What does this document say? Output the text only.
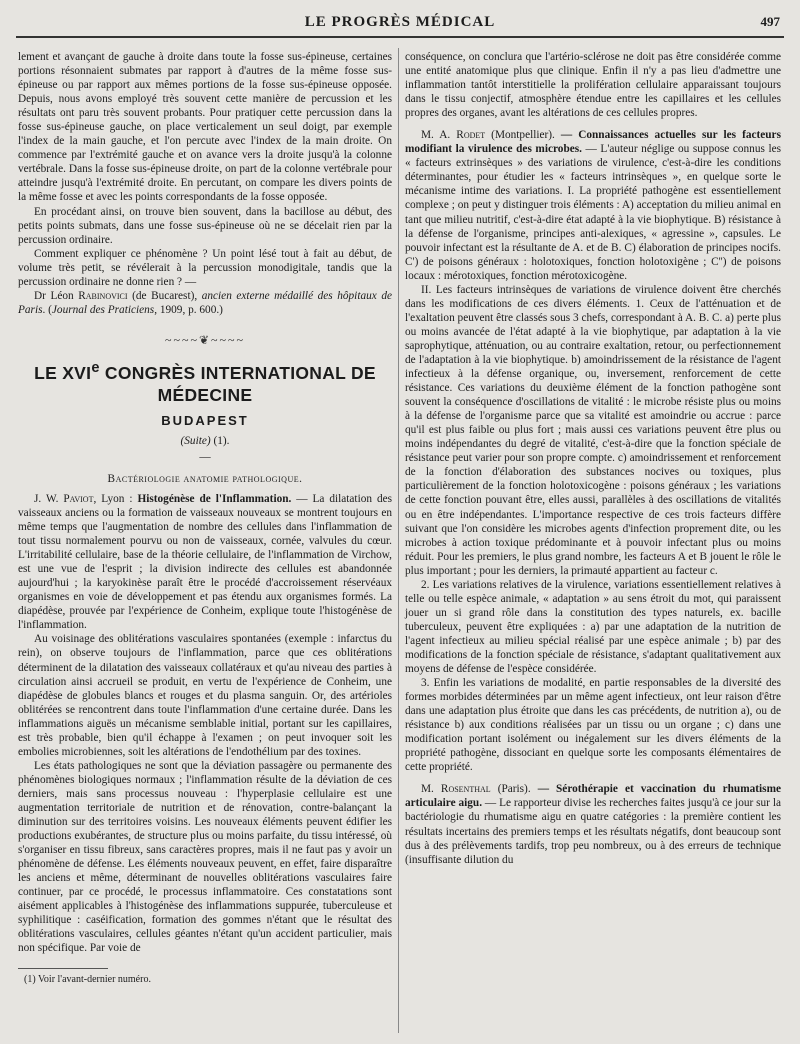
LE PROGRÈS MÉDICAL	497

lement et avançant de gauche à droite dans toute la fosse sus-épineuse, certaines portions résonnaient submates par rapport à d'autres de la même fosse sus-épineuse ou par rapport aux mêmes portions de la fosse sus-épineuse opposée. Depuis, nous avons employé très souvent cette manière de percussion et les résultats ont paru très souvent probants. Pour pratiquer cette percussion dans la fosse sus-épineuse gauche, on place verticalement un seul doigt, par exemple l'index de la main gauche, et l'on percute avec l'index de la main droite. On commence par l'extrémité gauche et on avance vers la droite jusqu'à la colonne vertébrale. Dans la fosse sus-épineuse droite, on part de la colonne vertébrale pour atteindre jusqu'à l'extrémité droite. En percutant, on compare les divers points de la même fosse et avec les points correspondants de la fosse opposée.

En procédant ainsi, on trouve bien souvent, dans la bacillose au début, des petits points submats, dans une fosse sus-épineuse où ne se décelait rien par la percussion ordinaire.

Comment expliquer ce phénomène ? Un point lésé tout à fait au début, de volume très petit, se révélerait à la percussion monodigitale, tandis que la percussion ordinaire ne donne rien ? —

Dr Léon Rabinovici (de Bucarest), ancien externe médaillé des hôpitaux de Paris. (Journal des Praticiens, 1909, p. 600.)

~~~~❦~~~~
LE XVIe CONGRÈS INTERNATIONAL DE MÉDECINE
BUDAPEST
(Suite) (1).
—
Bactériologie anatomie pathologique.

J. W. Paviot, Lyon : Histogénèse de l'Inflammation. — La dilatation des vaisseaux anciens ou la formation de vaisseaux nouveaux se montrent toujours en même temps que l'augmentation de nombre des cellules dans l'inflammation de tout tissu normalement pourvu ou non de vaisseaux, cornée, valvules du cœur. L'irritabilité cellulaire, base de la théorie cellulaire, de l'inflammation de Virchow, est une vue de l'esprit ; la division indirecte des cellules est abandonnée aujourd'hui ; la karyokinèse paraît être le procédé d'accroissement réservéaux organismes en voie de développement et pas étendu aux organismes formés. La diapédèse, prouvée par l'expérience de Conheim, explique toute l'histogénèse de l'inflammation.

Au voisinage des oblitérations vasculaires spontanées (exemple : infarctus du rein), on observe toujours de l'inflammation, parce que ces oblitérations déterminent de la dilatation des vaisseaux collatéraux et qu'au niveau des parties à circulation ainsi accrueil se produit, en vertu de l'expérience de Conheim, une diapédèse de globules blancs et rouges et du plasma sanguin. Or, des artérioles oblitérées se rencontrent dans toute l'inflammation d'une certaine durée. Dans les inflammations aiguës un mécanisme semblable initial, portant sur les capillaires, est très probable, bien qu'il échappe à l'examen ; on peut invoquer soit les embolies microbiennes, soit les altérations de l'endothélium par des toxines.

Les états pathologiques ne sont que la déviation passagère ou permanente des phénomènes biologiques normaux ; l'inflammation résulte de la déviation de ces derniers, mais sans processus nouveau : l'hyperplasie cellulaire est une augmentation territoriale de nutrition et de rénovation, contre-balançant la diminution sur des territoires voisins. Les nouveaux éléments peuvent édifier les productions exubérantes, de structure plus ou moins parfaite, du tissu intéressé, où s'organiser en tissu fibreux, sans caractères propres, mais il ne faut pas y avoir un phénomène de défense. Les éléments nouveaux peuvent, en effet, faire disparaître les anciens et même, déterminant de nouvelles oblitérations vasculaires faire continuer, par ce procédé, le processus inflammatoire. Ces constatations sont aisément applicables à l'histogénèse des inflammations suppurée, tuberculeuse et syphilitique : caséification, formation des gommes n'étant que le résultat des oblitérations vasculaires, cellules géantes n'étant qu'un accident particulier, mais non spécifique. Par voie de

(1) Voir l'avant-dernier numéro.

conséquence, on conclura que l'artério-sclérose ne doit pas être considérée comme une entité anatomique plus que clinique. Enfin il n'y a pas lieu d'admettre une inflammation tantôt interstitielle la prolifération cellulaire apparaissant toujours dans le tissu conjectif, atmosphère étendue entre les capillaires et les cellules propres des organes, avant les altérations de ces cellules propres.

M. A. Rodet (Montpellier). — Connaissances actuelles sur les facteurs modifiant la virulence des microbes. — L'auteur néglige ou suppose connus les « facteurs extrinsèques » des variations de virulence, c'est-à-dire les conditions déterminantes, pour étudier les « facteurs intrinsèques », en quelque sorte le mécanisme intime des variations. I. La propriété pathogène est essentiellement complexe ; on peut y distinguer trois éléments : A) acceptation du milieu animal en tant que milieu nutritif, c'est-à-dire état adapté à la vie biophytique. B) résistance à la défense de l'organisme, principes anti-alexiques, « agressine », capsules. Le pouvoir infectant est la résultante de A. et de B. C) élaboration de principes nocifs. C') de poisons généraux : holotoxiques, fonction holotoxigène ; C'') de poisons locaux : mérotoxiques, fonction mérotoxicogène.

II. Les facteurs intrinsèques de variations de virulence doivent être cherchés dans les modifications de ces divers éléments. 1. Ceux de l'atténuation et de l'exaltation peuvent être classés sous 3 chefs, correspondant à A. B. C. a) perte plus ou moins avancée de l'état adapté à la vie biophytique, par adaptation à la vie saprophytique, atténuation, ou au contraire exaltation, retour, ou perfectionnement de l'adaptation à la vie biophytique. b) amoindrissement de la résistance de l'agent infectieux à la défense organique, ou, inversement, renforcement de cette résistance. Ces variations du deuxième élément de la fonction pathogène sont souvent la conséquence d'oscillations de vitalité : le microbe résiste plus ou moins à la défense de l'organisme parce que sa vitalité est amoindrie ou accrue : parce qu'il est plus faible ou plus fort ; mais aussi ces variations peuvent être plus ou moins indépendantes du degré de vitalité, c'est-à-dire que la fonction spéciale de résistance peut varier pour son propre compte. c) amoindrissement et renforcement de la fonction d'élaboration des substances nocives ou toxiques, plus particulièrement de la fonction holotoxicogène : poisons généraux ; les variations de cette fonction pouvant être, elles aussi, parallèles à des oscillations de vitalités ou en être indépendantes. L'importance respective de ces trois facteurs diffère suivant que l'on considère les microbes agents d'infection proprement dite, ou les microbes à action toxique prédominante et à pouvoir infectant plus ou moins réduit. Pour les premiers, le plus grand nombre, les facteurs A et B jouent le rôle le plus important ; pour les derniers, la primauté appartient au facteur c.

2. Les variations relatives de la virulence, variations essentiellement relatives à telle ou telle espèce animale, « adaptation » au sens étroit du mot, qui paraissent jouer un si grand rôle dans la constitution des types naturels, ex. bacille tuberculeux, peuvent être expliquées : a) par une adaptation de la nutrition de l'agent infectieux au milieu spécial réalisé par une espèce animale ; b) par des modifications de la fonction spéciale de résistance, s'adaptant qualitativement aux moyens de défense de l'espèce considérée.

3. Enfin les variations de modalité, en partie responsables de la diversité des formes morbides déterminées par un même agent infectieux, ont leur raison d'être dans une adaptation plus étroite que dans les cas précédents, de nutrition a), ou de résistance b) aux conditions réalisées par un tissu ou un organe ; c) dans une modification portant isolément ou inégalement sur les divers éléments de la propriété pathogène, dissociant en quelque sorte les composants élémentaires de cette propriété.

M. Rosenthal (Paris). — Sérothérapie et vaccination du rhumatisme articulaire aigu. — Le rapporteur divise les recherches faites jusqu'à ce jour sur la bactériologie du rhumatisme aigu en quatre catégories : la première contient les résultats incertains des premiers temps et les résultats négatifs, dont beaucoup sont dus à des prélèvements tardifs, trop peu nombreux, ou à des erreurs de technique (insuffisante dilution du
